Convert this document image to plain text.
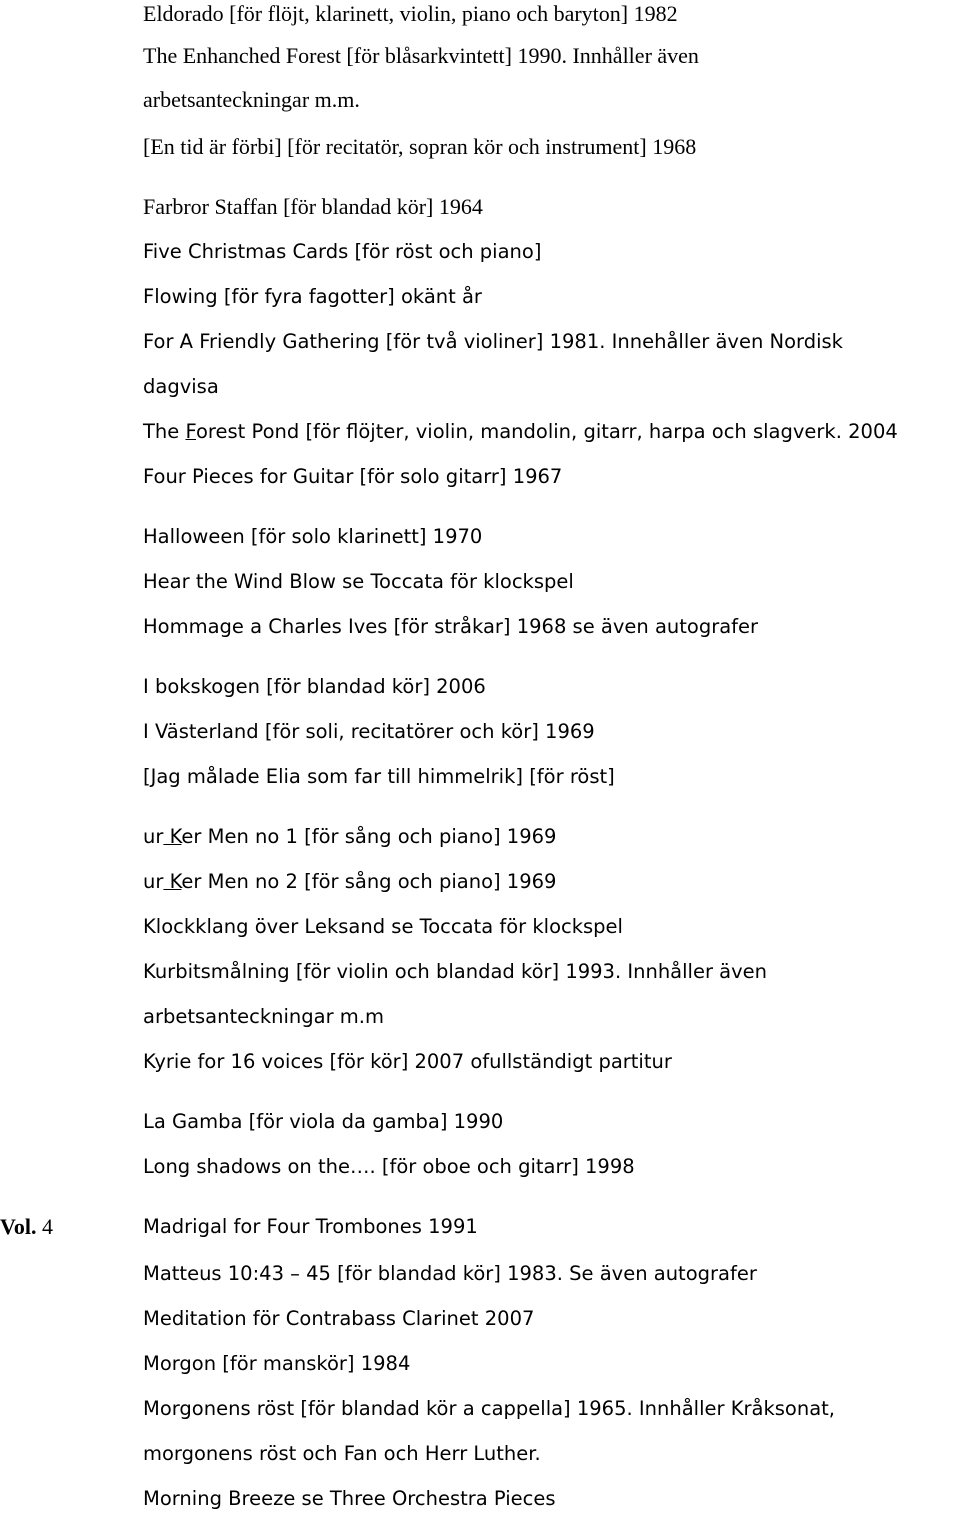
Vol. 4
Eldorado [för flöjt, klarinett, violin, piano och baryton] 1982
The Enhanched Forest [för blåsarkvintett] 1990. Innhåller även
arbetsanteckningar m.m.
[En tid är förbi] [för recitatör, sopran kör och instrument] 1968
Farbror Staffan [för blandad kör] 1964
Five Christmas Cards [för röst och piano]
Flowing [för fyra fagotter] okänt år
For A Friendly Gathering [för två violiner] 1981. Innehåller även Nordisk
dagvisa
The Forest Pond [för flöjter, violin, mandolin, gitarr, harpa och slagverk. 2004
Four Pieces for Guitar [för solo gitarr] 1967
Halloween [för solo klarinett] 1970
Hear the Wind Blow se Toccata för klockspel
Hommage a Charles Ives [för stråkar] 1968 se även autografer
I bokskogen [för blandad kör] 2006
I Västerland [för soli, recitatörer och kör] 1969
[Jag målade Elia som far till himmelrik] [för röst]
ur Ker Men no 1 [för sång och piano] 1969
ur Ker Men no 2 [för sång och piano] 1969
Klockklang över Leksand se Toccata för klockspel
Kurbitsmålning [för violin och blandad kör] 1993. Innhåller även
arbetsanteckningar m.m
Kyrie for 16 voices [för kör] 2007 ofullständigt partitur
La Gamba [för viola da gamba] 1990
Long shadows on the…. [för oboe och gitarr] 1998
Madrigal for Four Trombones 1991
Matteus 10:43 – 45 [för blandad kör] 1983. Se även autografer
Meditation för Contrabass Clarinet 2007
Morgon [för manskör] 1984
Morgonens röst [för blandad kör a cappella] 1965. Innhåller Kråksonat,
morgonens röst och Fan och Herr Luther.
Morning Breeze se Three Orchestra Pieces
